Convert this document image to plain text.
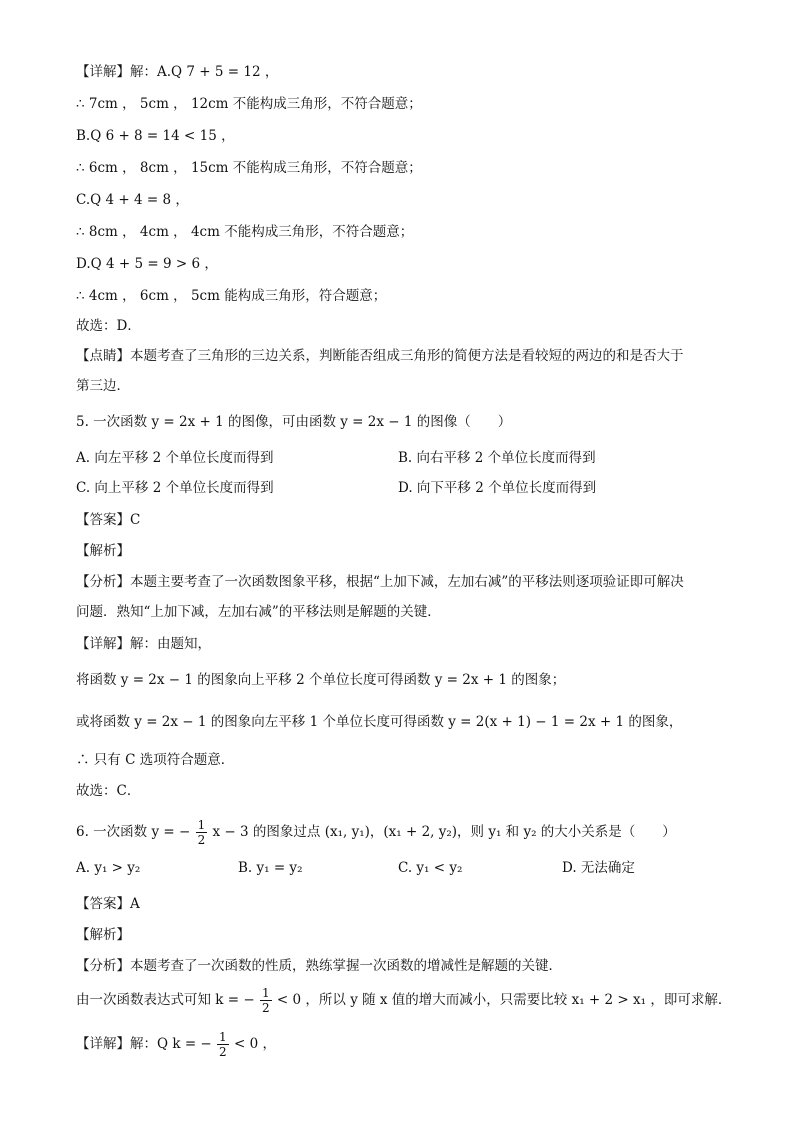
【详解】解：A.Q 7 + 5 = 12 ，
∴ 7cm ， 5cm ， 12cm 不能构成三角形，不符合题意；
B.Q 6 + 8 = 14 < 15 ，
∴ 6cm ， 8cm ， 15cm 不能构成三角形，不符合题意；
C.Q 4 + 4 = 8 ，
∴ 8cm ， 4cm ， 4cm 不能构成三角形，不符合题意；
D.Q 4 + 5 = 9 > 6 ，
∴ 4cm ， 6cm ， 5cm 能构成三角形，符合题意；
故选：D．
【点睛】本题考查了三角形的三边关系，判断能否组成三角形的简便方法是看较短的两边的和是否大于
第三边．
5. 一次函数 y = 2x + 1 的图像，可由函数 y = 2x − 1 的图像（　　）
A. 向左平移 2 个单位长度而得到	B. 向右平移 2 个单位长度而得到
C. 向上平移 2 个单位长度而得到	D. 向下平移 2 个单位长度而得到
【答案】C
【解析】
【分析】本题主要考查了一次函数图象平移，根据“上加下减，左加右减”的平移法则逐项验证即可解决
问题．熟知“上加下减，左加右减”的平移法则是解题的关键．
【详解】解：由题知，
将函数 y = 2x − 1 的图象向上平移 2 个单位长度可得函数 y = 2x + 1 的图象；
或将函数 y = 2x − 1 的图象向左平移 1 个单位长度可得函数 y = 2(x + 1) − 1 = 2x + 1 的图象，
∴ 只有 C 选项符合题意．
故选：C．
6. 一次函数 y = − $\frac{1}{2}$ x − 3 的图象过点 (x₁, y₁)，(x₁ + 2, y₂)，则 y₁ 和 y₂ 的大小关系是（　　）
A. y₁ > y₂	B. y₁ = y₂	C. y₁ < y₂	D. 无法确定
【答案】A
【解析】
【分析】本题考查了一次函数的性质，熟练掌握一次函数的增减性是解题的关键．
由一次函数表达式可知 k = − $\frac{1}{2} < 0$ ，所以 y 随 x 值的增大而减小，只需要比较 x₁ + 2 > x₁ ，即可求解．
【详解】解：Q k = − $\frac{1}{2} < 0$ ，
